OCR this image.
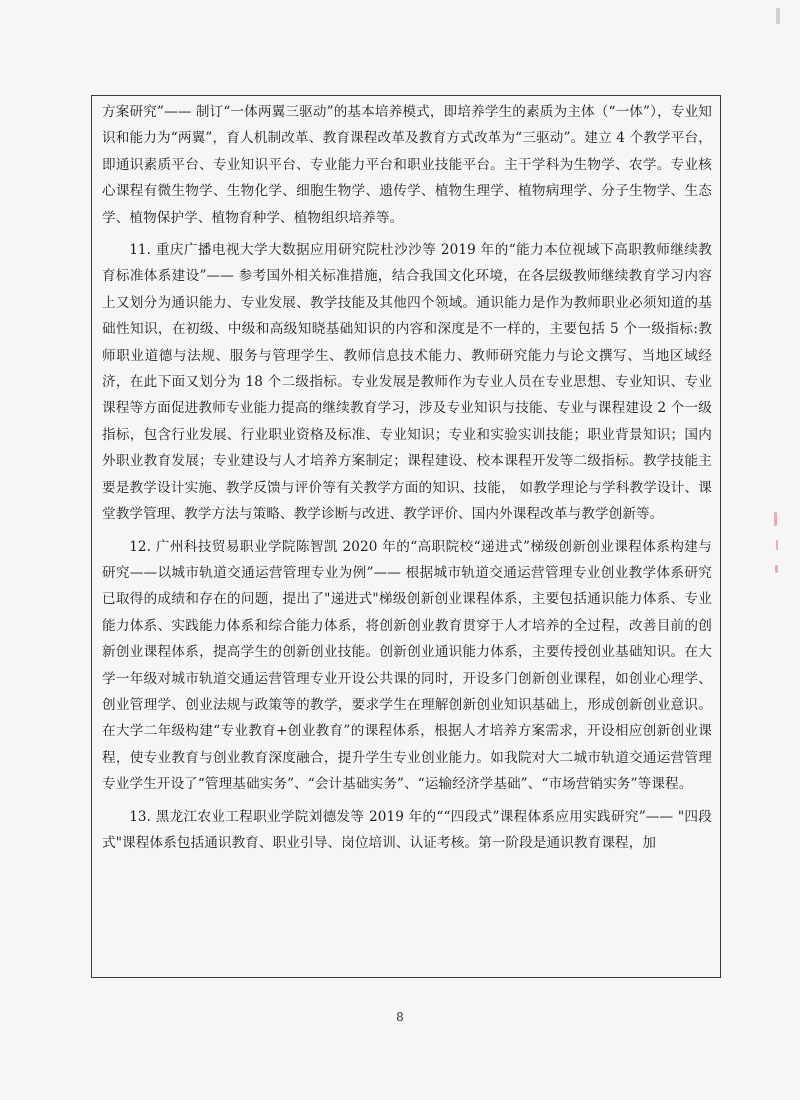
方案研究”—— 制订“一体两翼三驱动”的基本培养模式，即培养学生的素质为主体（“一体”），专业知识和能力为“两翼”，育人机制改革、教育课程改革及教育方式改革为“三驱动”。建立 4 个教学平台，即通识素质平台、专业知识平台、专业能力平台和职业技能平台。主干学科为生物学、农学。专业核心课程有微生物学、生物化学、细胞生物学、遗传学、植物生理学、植物病理学、分子生物学、生态学、植物保护学、植物育种学、植物组织培养等。

11. 重庆广播电视大学大数据应用研究院杜沙沙等 2019 年的“能力本位视域下高职教师继续教育标准体系建设”—— 参考国外相关标准措施，结合我国文化环境，在各层级教师继续教育学习内容上又划分为通识能力、专业发展、教学技能及其他四个领域。通识能力是作为教师职业必须知道的基础性知识，在初级、中级和高级知晓基础知识的内容和深度是不一样的，主要包括 5 个一级指标:教师职业道德与法规、服务与管理学生、教师信息技术能力、教师研究能力与论文撰写、当地区域经济，在此下面又划分为 18 个二级指标。专业发展是教师作为专业人员在专业思想、专业知识、专业课程等方面促进教师专业能力提高的继续教育学习，涉及专业知识与技能、专业与课程建设 2 个一级指标，包含行业发展、行业职业资格及标准、专业知识；专业和实验实训技能；职业背景知识；国内外职业教育发展；专业建设与人才培养方案制定；课程建设、校本课程开发等二级指标。教学技能主要是教学设计实施、教学反馈与评价等有关教学方面的知识、技能， 如教学理论与学科教学设计、课堂教学管理、教学方法与策略、教学诊断与改进、教学评价、国内外课程改革与教学创新等。

12. 广州科技贸易职业学院陈智凯 2020 年的“高职院校“递进式”梯级创新创业课程体系构建与研究——以城市轨道交通运营管理专业为例”—— 根据城市轨道交通运营管理专业创业教学体系研究已取得的成绩和存在的问题，提出了"递进式"梯级创新创业课程体系，主要包括通识能力体系、专业能力体系、实践能力体系和综合能力体系，将创新创业教育贯穿于人才培养的全过程，改善目前的创新创业课程体系，提高学生的创新创业技能。创新创业通识能力体系，主要传授创业基础知识。在大学一年级对城市轨道交通运营管理专业开设公共课的同时，开设多门创新创业课程，如创业心理学、创业管理学、创业法规与政策等的教学，要求学生在理解创新创业知识基础上，形成创新创业意识。在大学二年级构建“专业教育+创业教育”的课程体系，根据人才培养方案需求，开设相应创新创业课程，使专业教育与创业教育深度融合，提升学生专业创业能力。如我院对大二城市轨道交通运营管理专业学生开设了“管理基础实务”、“会计基础实务”、“运输经济学基础”、“市场营销实务”等课程。

13. 黑龙江农业工程职业学院刘德发等 2019 年的““四段式”课程体系应用实践研究”—— "四段式"课程体系包括通识教育、职业引导、岗位培训、认证考核。第一阶段是通识教育课程，加

8
